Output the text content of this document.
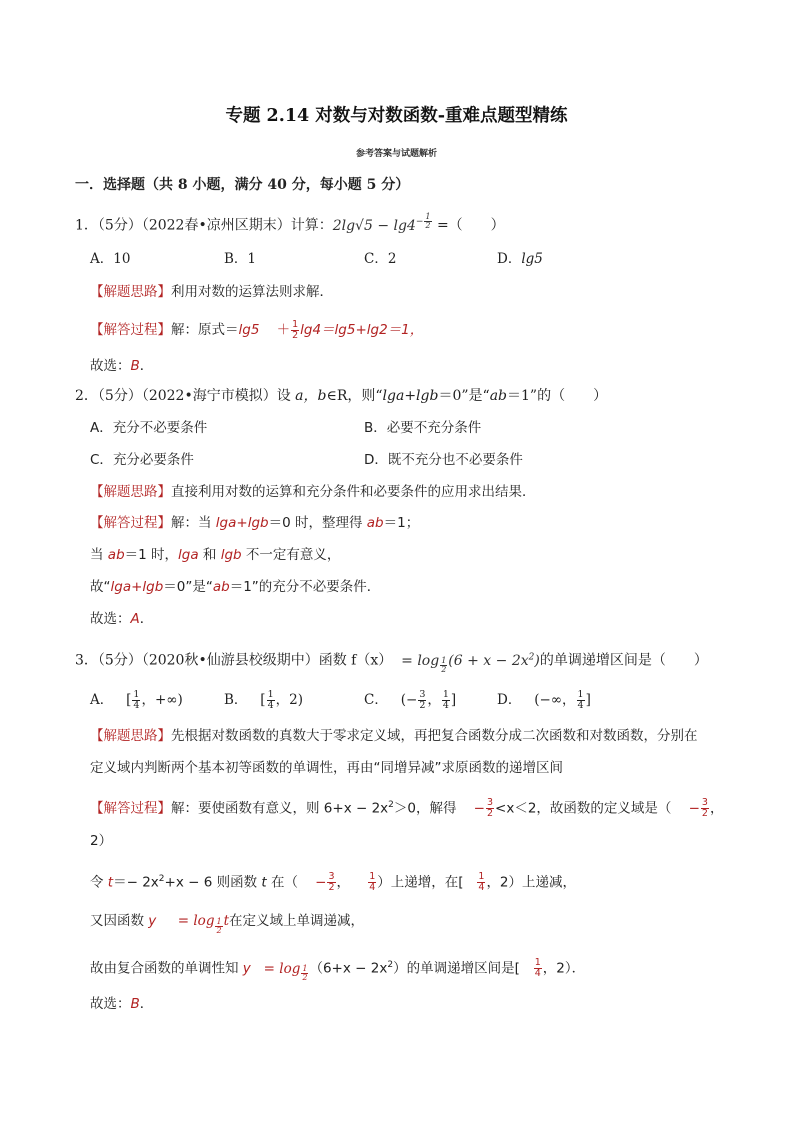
专题 2.14 对数与对数函数-重难点题型精练
参考答案与试题解析
一．选择题（共 8 小题，满分 40 分，每小题 5 分）
1．（5分）（2022春•凉州区期末）计算：$2\lg√5 - \lg 4^{- \frac{1}{2}}$ =（　　）
A．10	B．1	C．2	D．lg5
【解题思路】利用对数的运算法则求解．
【解答过程】解：原式$=\lg 5 + \frac{1}{2} \lg 4=\lg 5+\lg 2=1$，
故选：B．
2．（5分）（2022•海宁市模拟）设 a，b∈R，则“lga+lgb＝0”是“ab＝1”的（　　）
A．充分不必要条件	B．必要不充分条件
C．充分必要条件	D．既不充分也不必要条件
【解题思路】直接利用对数的运算和充分条件和必要条件的应用求出结果．
【解答过程】解：当 lga+lgb＝0 时，整理得 ab＝1；
当 ab＝1 时，lga 和 lgb 不一定有意义，
故“lga+lgb＝0”是“ab＝1”的充分不必要条件．
故选：A．
3．（5分）（2020秋•仙游县校级期中）函数 f（x） = log $_{\frac{1}{2}}$ $(6 + x - 2x^2)$的单调递增区间是（　　）
A． [ $\frac{1}{4}$ ，+∞)	B． [ $\frac{1}{4}$ ，2)	C． (− $\frac{3}{2}$ ， $\frac{1}{4}$ ]	D． (−∞， $\frac{1}{4}$ ]
【解题思路】先根据对数函数的真数大于零求定义域，再把复合函数分成二次函数和对数函数，分别在
定义域内判断两个基本初等函数的单调性，再由“同增异减”求原函数的递增区间
【解答过程】解：要使函数有意义，则 $6+x - 2x^2>0$，解得 − $\frac{3}{2} <x<2$，故函数的定义域是（ − $\frac{3}{2}$ ，
2）
令 $t=- 2x^2+x - 6$ 则函数 t 在（ − $\frac{3}{2}$ ， $\frac{1}{4}$ ）上递增，在[ $\frac{1}{4}$ ，2）上递减，
又因函数 y = log $_{\frac{1}{2}}$ t在定义域上单调递减，
故由复合函数的单调性知 y = log $_{\frac{1}{2}}$ $(6+x - 2x^2)$的单调递增区间是[ $\frac{1}{4}$ ，2）．
故选：B．
